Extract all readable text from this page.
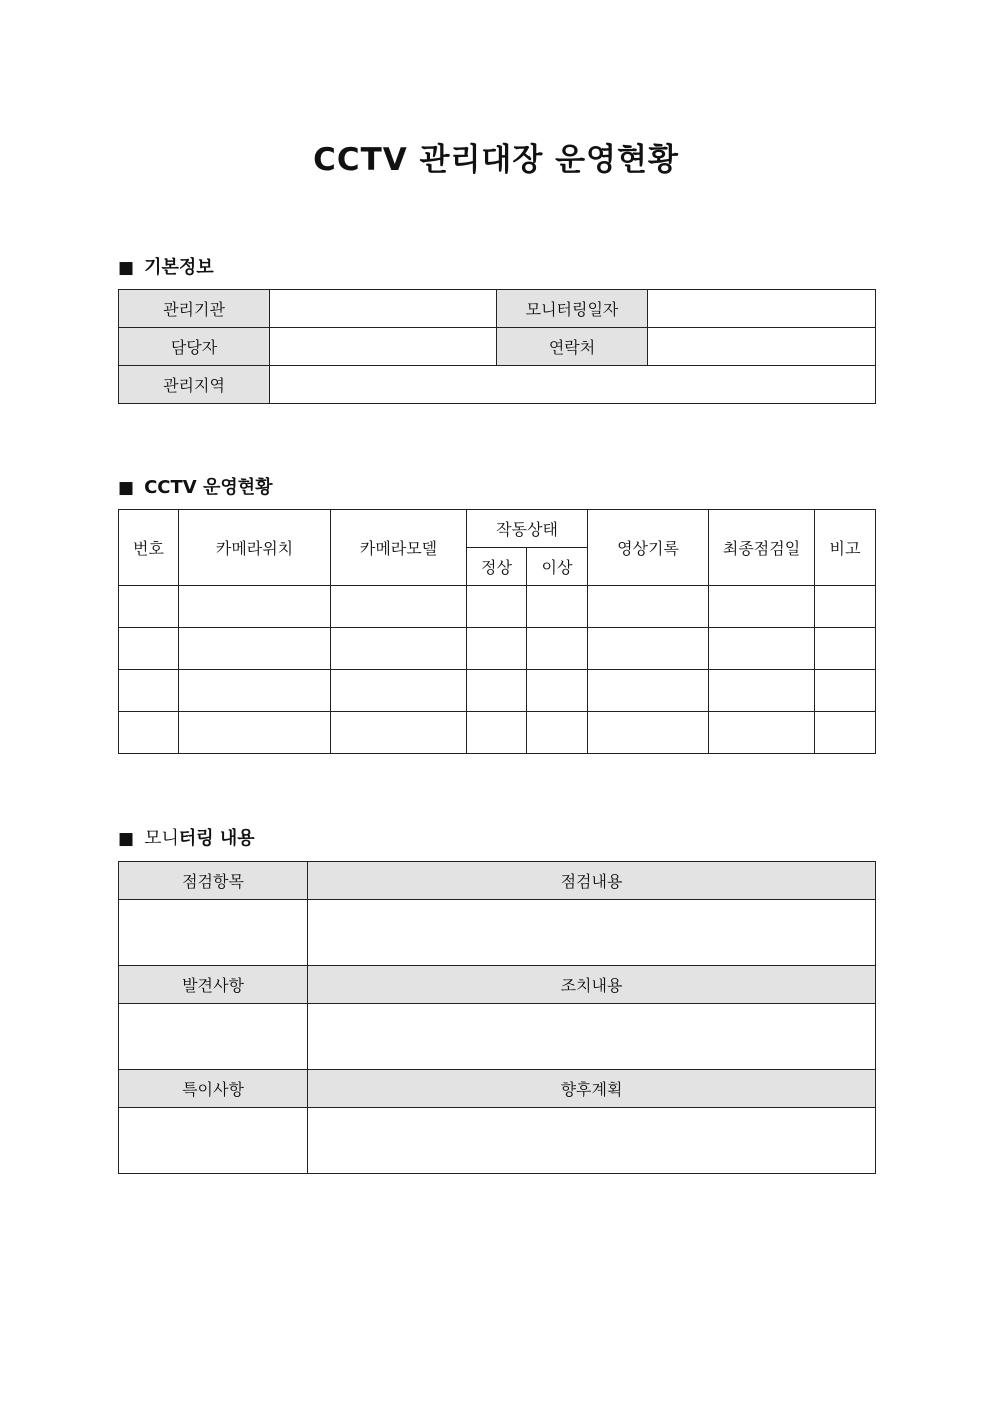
CCTV 관리대장 운영현황

■ 기본정보

관리기관		모니터링일자	
담당자		연락처	
관리지역			

■ CCTV 운영현황

번호	카메라위치	카메라모델	작동상태		영상기록	최종점검일	비고
			정상	이상			

■ 모니터링 내용

점검항목	점검내용

발견사항	조치내용

특이사항	향후계획
